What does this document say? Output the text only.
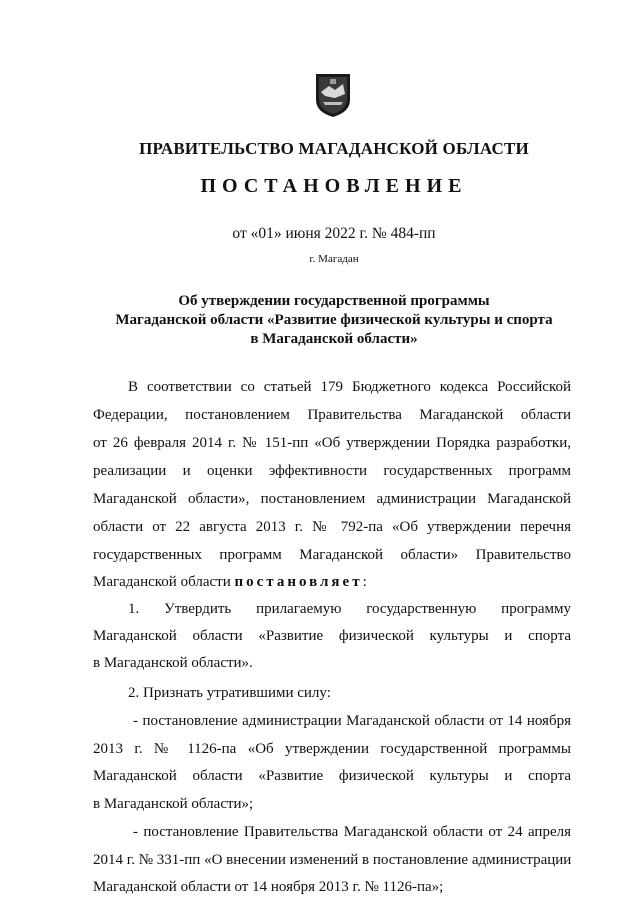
ПРАВИТЕЛЬСТВО МАГАДАНСКОЙ ОБЛАСТИ
ПОСТАНОВЛЕНИЕ
от «01» июня 2022 г. № 484-пп
г. Магадан
Об утверждении государственной программы
Магаданской области «Развитие физической культуры и спорта
в Магаданской области»
В соответствии со статьей 179 Бюджетного кодекса Российской
Федерации, постановлением Правительства Магаданской области
от 26 февраля 2014 г. № 151-пп «Об утверждении Порядка разработки,
реализации и оценки эффективности государственных программ
Магаданской области», постановлением администрации Магаданской
области от 22 августа 2013 г. № 792-па «Об утверждении перечня
государственных программ Магаданской области» Правительство
Магаданской области постановляет:
1. Утвердить прилагаемую государственную программу
Магаданской области «Развитие физической культуры и спорта
в Магаданской области».
2. Признать утратившими силу:
- постановление администрации Магаданской области от 14 ноября
2013 г. № 1126-па «Об утверждении государственной программы
Магаданской области «Развитие физической культуры и спорта
в Магаданской области»;
- постановление Правительства Магаданской области от 24 апреля
2014 г. № 331-пп «О внесении изменений в постановление администрации
Магаданской области от 14 ноября 2013 г. № 1126-па»;
